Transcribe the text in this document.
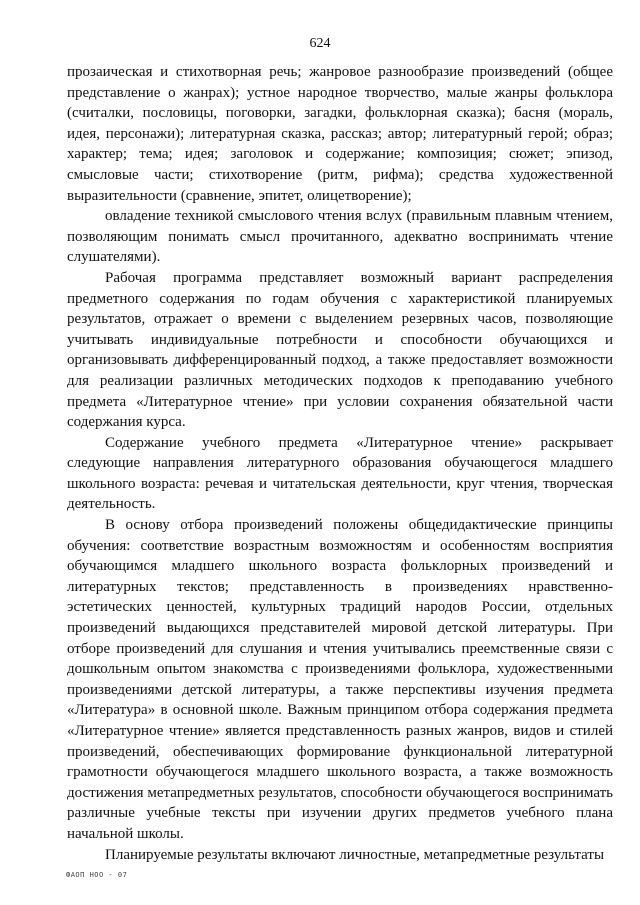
624

прозаическая и стихотворная речь; жанровое разнообразие произведений (общее представление о жанрах); устное народное творчество, малые жанры фольклора (считалки, пословицы, поговорки, загадки, фольклорная сказка); басня (мораль, идея, персонажи); литературная сказка, рассказ; автор; литературный герой; образ; характер; тема; идея; заголовок и содержание; композиция; сюжет; эпизод, смысловые части; стихотворение (ритм, рифма); средства художественной выразительности (сравнение, эпитет, олицетворение);

овладение техникой смыслового чтения вслух (правильным плавным чтением, позволяющим понимать смысл прочитанного, адекватно воспринимать чтение слушателями).

Рабочая программа представляет возможный вариант распределения предметного содержания по годам обучения с характеристикой планируемых результатов, отражает о времени с выделением резервных часов, позволяющие учитывать индивидуальные потребности и способности обучающихся и организовывать дифференцированный подход, а также предоставляет возможности для реализации различных методических подходов к преподаванию учебного предмета «Литературное чтение» при условии сохранения обязательной части содержания курса.

Содержание учебного предмета «Литературное чтение» раскрывает следующие направления литературного образования обучающегося младшего школьного возраста: речевая и читательская деятельности, круг чтения, творческая деятельность.

В основу отбора произведений положены общедидактические принципы обучения: соответствие возрастным возможностям и особенностям восприятия обучающимся младшего школьного возраста фольклорных произведений и литературных текстов; представленность в произведениях нравственно-эстетических ценностей, культурных традиций народов России, отдельных произведений выдающихся представителей мировой детской литературы. При отборе произведений для слушания и чтения учитывались преемственные связи с дошкольным опытом знакомства с произведениями фольклора, художественными произведениями детской литературы, а также перспективы изучения предмета «Литература» в основной школе. Важным принципом отбора содержания предмета «Литературное чтение» является представленность разных жанров, видов и стилей произведений, обеспечивающих формирование функциональной литературной грамотности обучающегося младшего школьного возраста, а также возможность достижения метапредметных результатов, способности обучающегося воспринимать различные учебные тексты при изучении других предметов учебного плана начальной школы.

Планируемые результаты включают личностные, метапредметные результаты

ФАОП НОО - 07
